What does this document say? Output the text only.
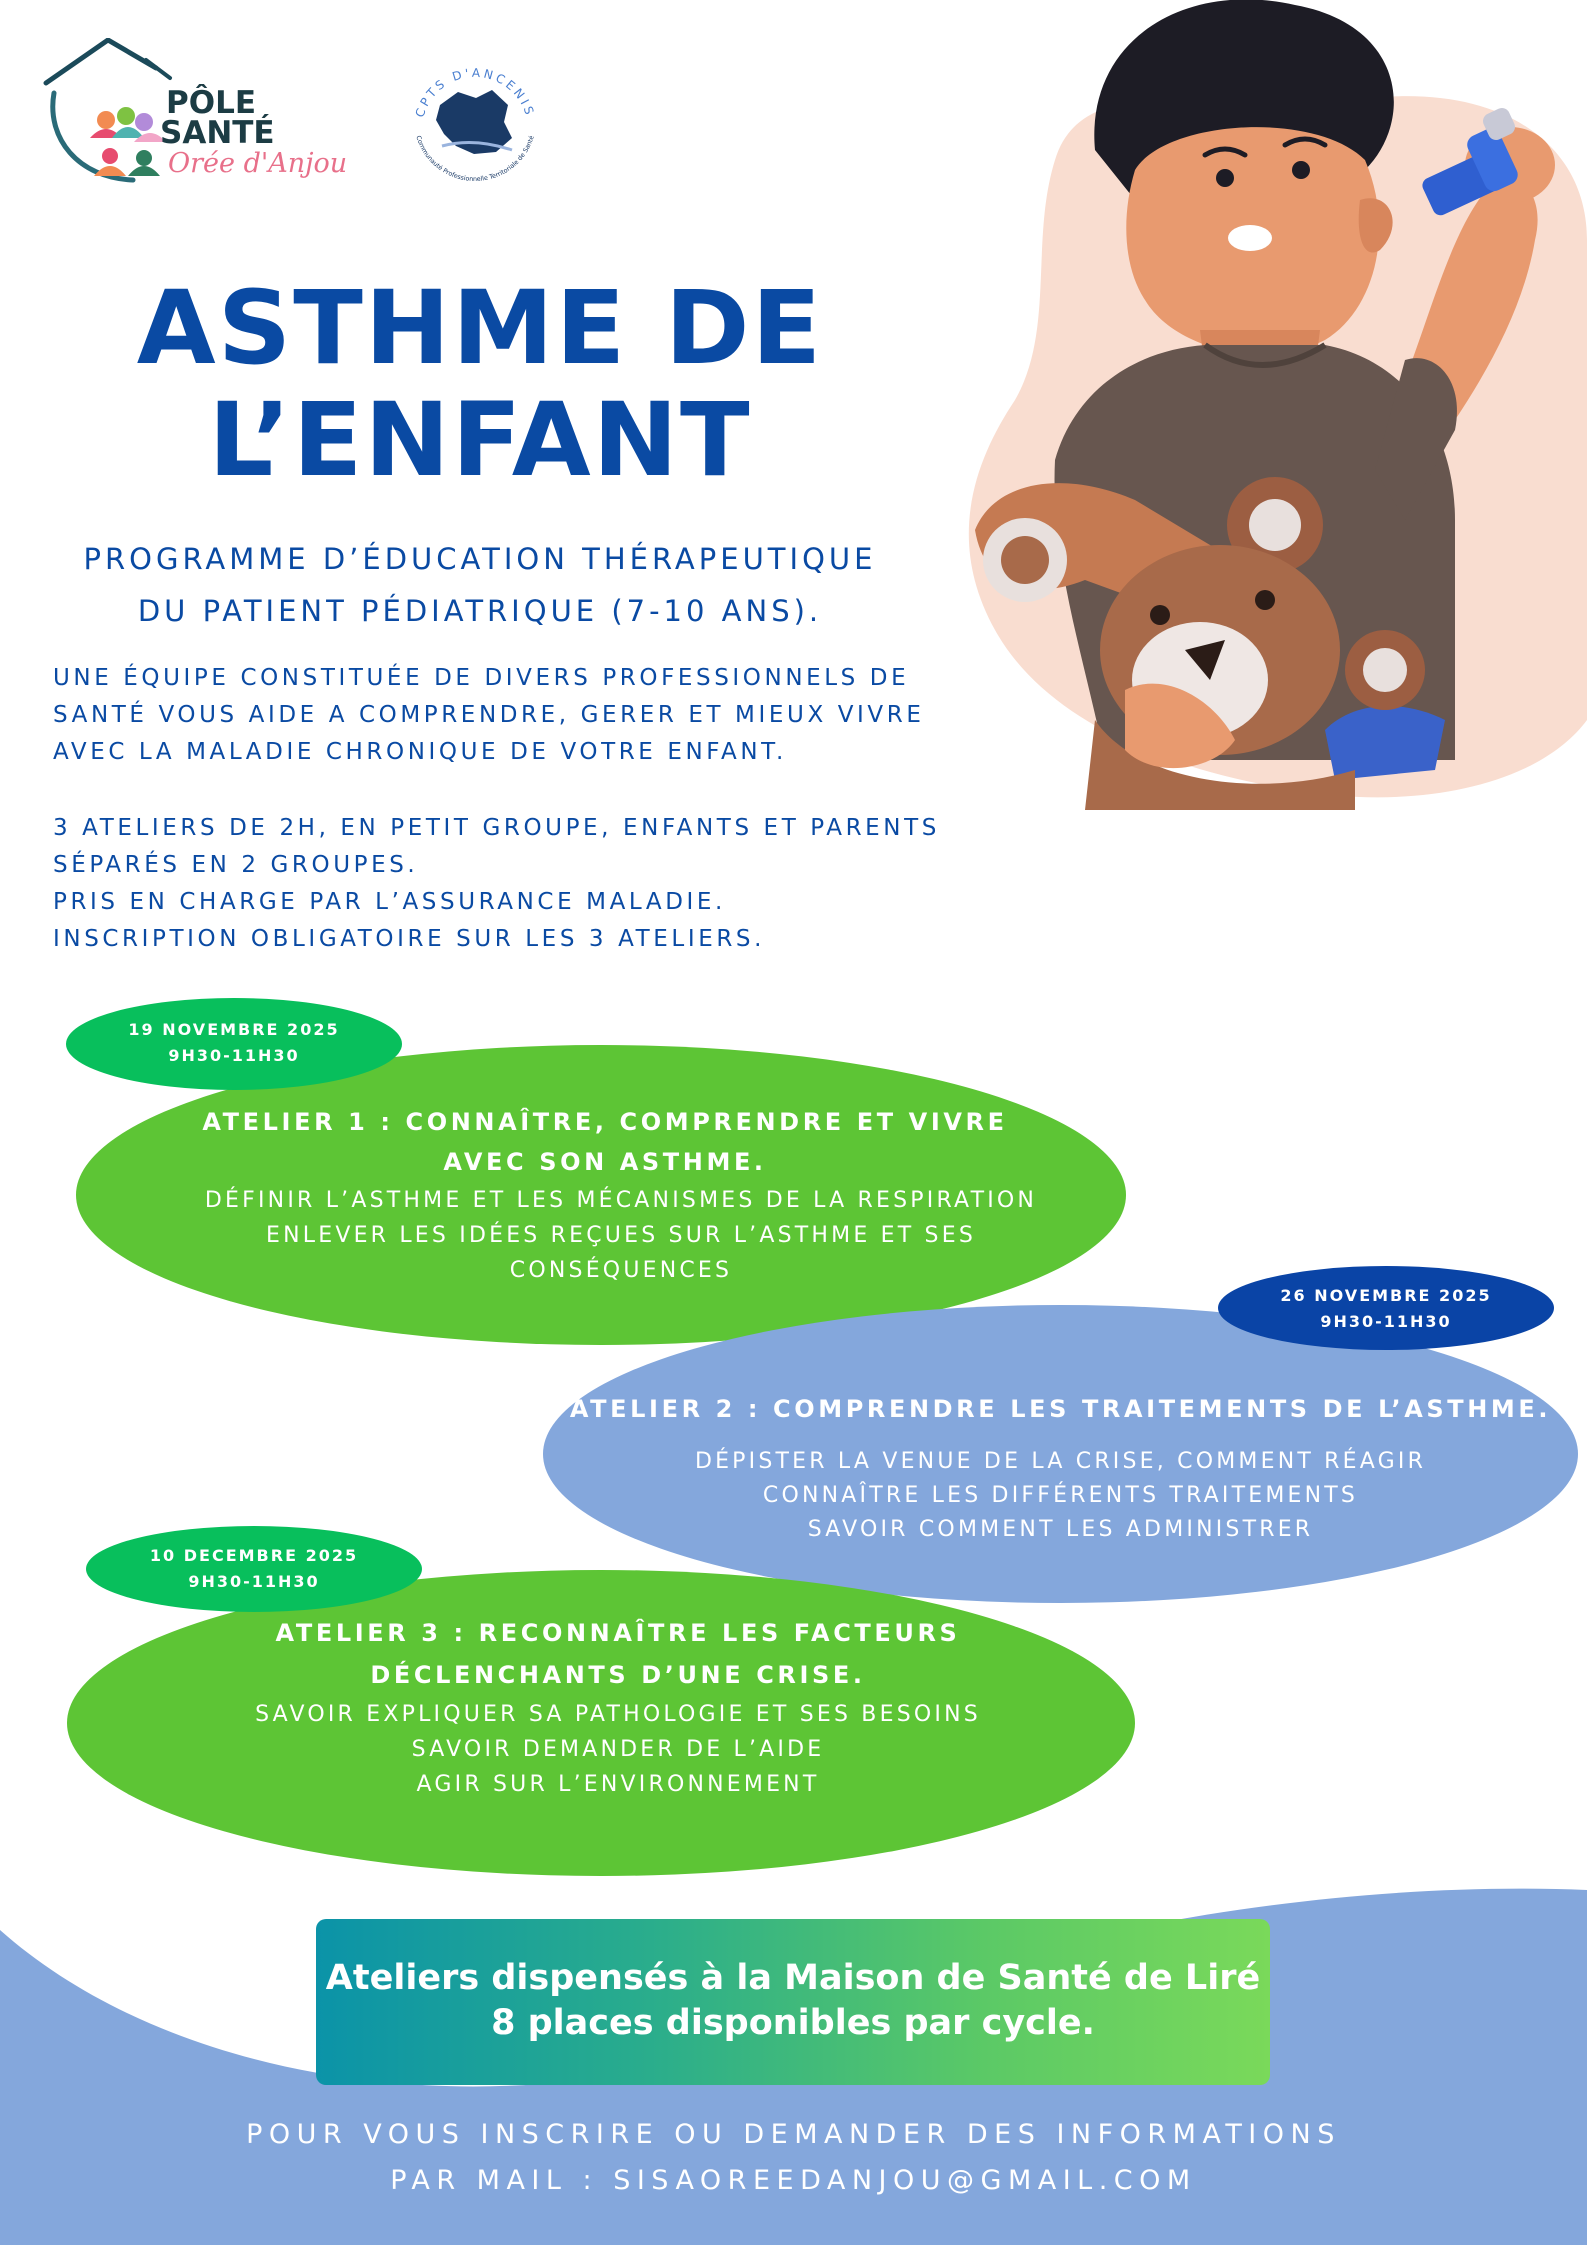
PÔLE
SANTÉ
Orée d'Anjou
CPTS D'ANCENIS
Communauté Professionnelle Territoriale de Santé
ASTHME DE
L’ENFANT
PROGRAMME D’ÉDUCATION THÉRAPEUTIQUE
DU PATIENT PÉDIATRIQUE (7-10 ANS).
UNE ÉQUIPE CONSTITUÉE DE DIVERS PROFESSIONNELS DE
SANTÉ VOUS AIDE A COMPRENDRE, GERER ET MIEUX VIVRE
AVEC LA MALADIE CHRONIQUE DE VOTRE ENFANT.
3 ATELIERS DE 2H, EN PETIT GROUPE, ENFANTS ET PARENTS
SÉPARÉS EN 2 GROUPES.
PRIS EN CHARGE PAR L’ASSURANCE MALADIE.
INSCRIPTION OBLIGATOIRE SUR LES 3 ATELIERS.
19 NOVEMBRE 2025
9H30-11H30
ATELIER 1 : CONNAÎTRE, COMPRENDRE ET VIVRE
AVEC SON ASTHME.
DÉFINIR L’ASTHME ET LES MÉCANISMES DE LA RESPIRATION
ENLEVER LES IDÉES REÇUES SUR L’ASTHME ET SES
CONSÉQUENCES
26 NOVEMBRE 2025
9H30-11H30
ATELIER 2 : COMPRENDRE LES TRAITEMENTS DE L’ASTHME.
DÉPISTER LA VENUE DE LA CRISE, COMMENT RÉAGIR
CONNAÎTRE LES DIFFÉRENTS TRAITEMENTS
SAVOIR COMMENT LES ADMINISTRER
10 DECEMBRE 2025
9H30-11H30
ATELIER 3 : RECONNAÎTRE LES FACTEURS
DÉCLENCHANTS D’UNE CRISE.
SAVOIR EXPLIQUER SA PATHOLOGIE ET SES BESOINS
SAVOIR DEMANDER DE L’AIDE
AGIR SUR L’ENVIRONNEMENT
Ateliers dispensés à la Maison de Santé de Liré
8 places disponibles par cycle.
POUR VOUS INSCRIRE OU DEMANDER DES INFORMATIONS
PAR MAIL : SISAOREEDANJOU@GMAIL.COM
